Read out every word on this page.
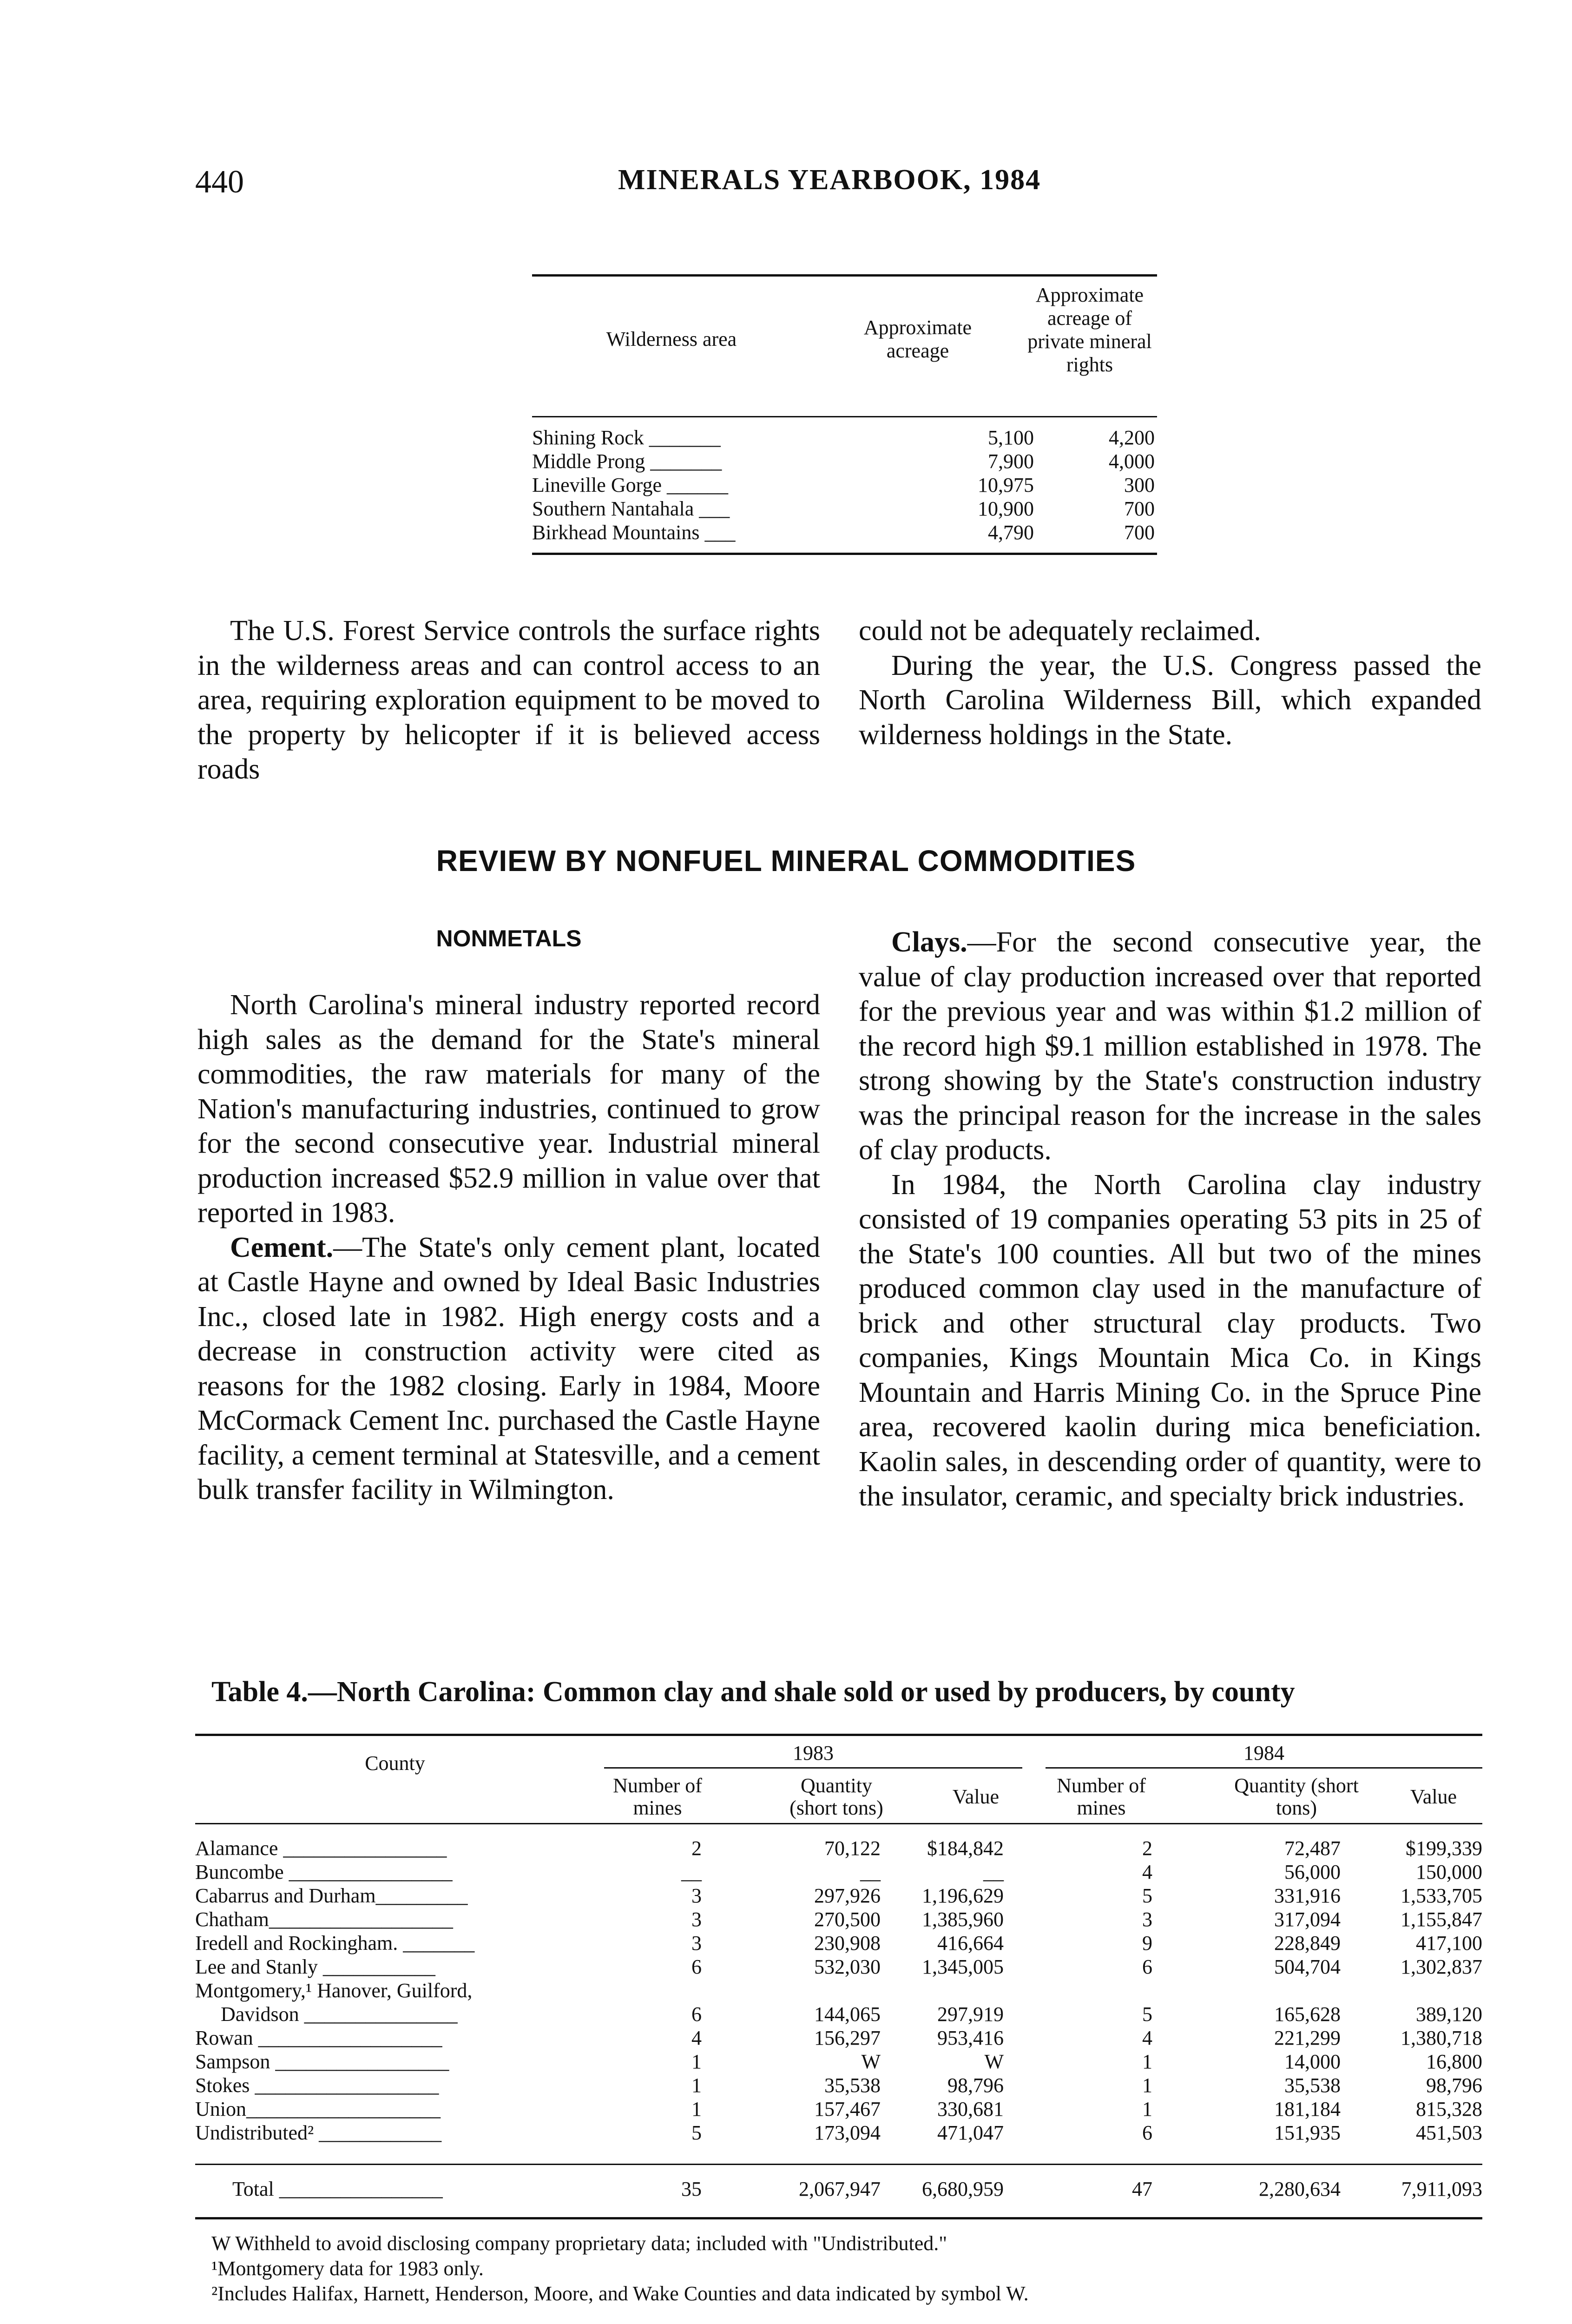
440	MINERALS YEARBOOK, 1984
Wilderness area
Approximate acreage
Approximate acreage of private mineral rights
Shining Rock _______	5,100	4,200
Middle Prong _______	7,900	4,000
Lineville Gorge ______	10,975	300
Southern Nantahala ___	10,900	700
Birkhead Mountains ___	4,790	700

The U.S. Forest Service controls the surface rights in the wilderness areas and can control access to an area, requiring exploration equipment to be moved to the property by helicopter if it is believed access roads

could not be adequately reclaimed.

During the year, the U.S. Congress passed the North Carolina Wilderness Bill, which expanded wilderness holdings in the State.

REVIEW BY NONFUEL MINERAL COMMODITIES
NONMETALS

North Carolina's mineral industry reported record high sales as the demand for the State's mineral commodities, the raw materials for many of the Nation's manufacturing industries, continued to grow for the second consecutive year. Industrial mineral production increased $52.9 million in value over that reported in 1983.

Cement.—The State's only cement plant, located at Castle Hayne and owned by Ideal Basic Industries Inc., closed late in 1982. High energy costs and a decrease in construction activity were cited as reasons for the 1982 closing. Early in 1984, Moore McCormack Cement Inc. purchased the Castle Hayne facility, a cement terminal at Statesville, and a cement bulk transfer facility in Wilmington.

Clays.—For the second consecutive year, the value of clay production increased over that reported for the previous year and was within $1.2 million of the record high $9.1 million established in 1978. The strong showing by the State's construction industry was the principal reason for the increase in the sales of clay products.

In 1984, the North Carolina clay industry consisted of 19 companies operating 53 pits in 25 of the State's 100 counties. All but two of the mines produced common clay used in the manufacture of brick and other structural clay products. Two companies, Kings Mountain Mica Co. in Kings Mountain and Harris Mining Co. in the Spruce Pine area, recovered kaolin during mica beneficiation. Kaolin sales, in descending order of quantity, were to the insulator, ceramic, and specialty brick industries.

Table 4.—North Carolina: Common clay and shale sold or used by producers, by county
County	1983	1984
Number of mines
Quantity (short tons)	Value	Number of mines
Quantity (short tons)	Value
Alamance ________________	2	70,122 $184,842	2	72,487	$199,339
Buncombe ________________	__	__	__	4	56,000	150,000
Cabarrus and Durham_________	3	297,926 1,196,629	5	331,916	1,533,705
Chatham__________________	3	270,500 1,385,960	3	317,094	1,155,847
Iredell and Rockingham. _______	3	230,908	416,664	9	228,849	417,100
Lee and Stanly ___________	6	532,030 1,345,005	6	504,704	1,302,837
Montgomery,¹ Hanover, Guilford,
Davidson _______________	6	144,065	297,919	5	165,628	389,120
Rowan __________________	4	156,297	953,416	4	221,299	1,380,718
Sampson _________________	1	W	W	1	14,000	16,800
Stokes __________________	1	35,538	98,796	1	35,538	98,796
Union___________________	1	157,467	330,681	1	181,184	815,328
Undistributed² ____________	5	173,094	471,047	6	151,935	451,503
Total ________________	35	2,067,947 6,680,959	47	2,280,634	7,911,093
W Withheld to avoid disclosing company proprietary data; included with "Undistributed."
¹Montgomery data for 1983 only.
²Includes Halifax, Harnett, Henderson, Moore, and Wake Counties and data indicated by symbol W.
